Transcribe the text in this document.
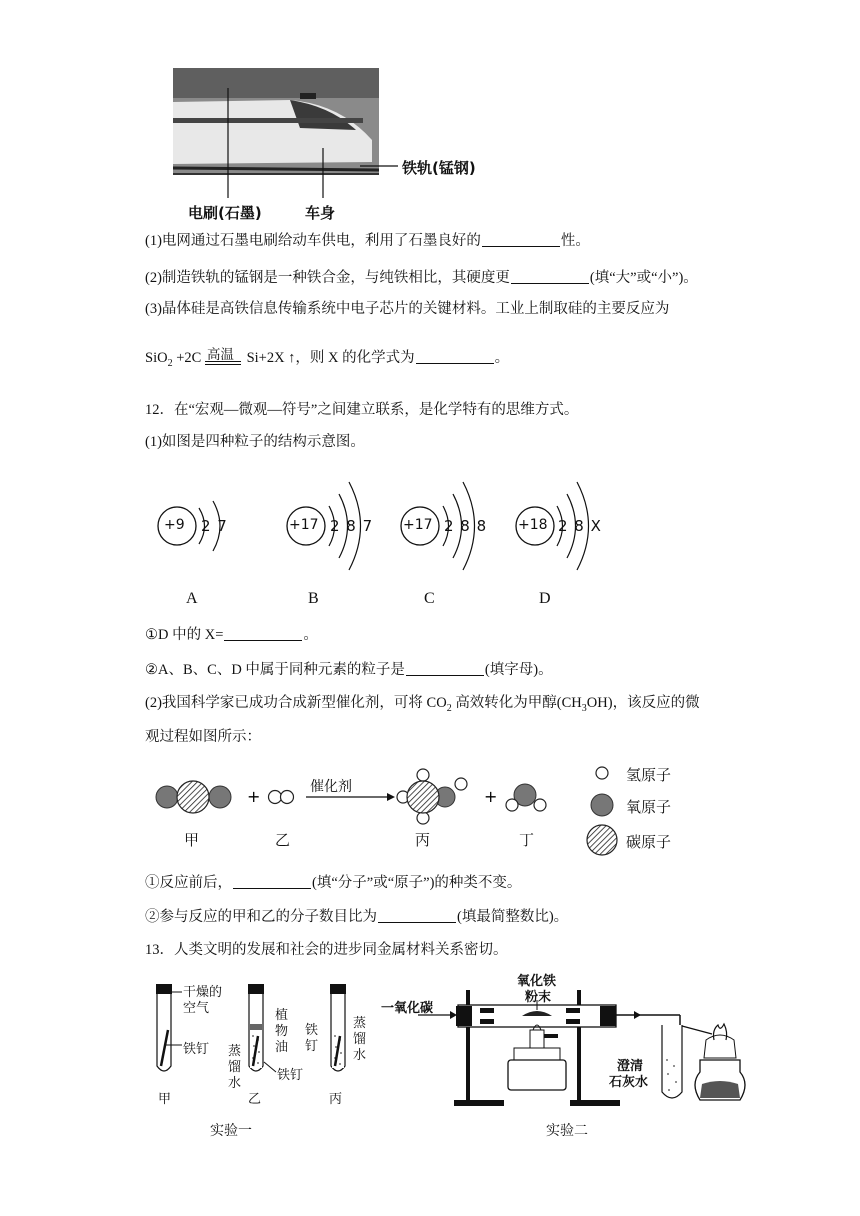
铁轨(锰钢)
电刷(石墨)	车身
(1)电网通过石墨电刷给动车供电，利用了石墨良好的	性。
(2)制造铁轨的锰钢是一种铁合金，与纯铁相比，其硬度更	(填“大”或“小”)。
(3)晶体硅是高铁信息传输系统中电子芯片的关键材料。工业上制取硅的主要反应为
SiO$_2$ +2C 高温 Si+2X ↑，则 X 的化学式为	。
12．在“宏观—微观—符号”之间建立联系，是化学特有的思维方式。
(1)如图是四种粒子的结构示意图。
+9 2 7	+17 2 8 7 +17 2 8 8 +18 2 8 X
A	B	C	D
①D 中的 X=	。
②A、B、C、D 中属于同种元素的粒子是	(填字母)。
(2)我国科学家已成功合成新型催化剂，可将 $CO_2$ 高效转化为甲醇$(CH_3OH)$，该反应的微
观过程如图所示：
+	+
催化剂
甲	乙	丙	丁
氢原子
氧原子
碳原子
①反应前后，	(填“分子”或“原子”)的种类不变。
②参与反应的甲和乙的分子数目比为	(填最简整数比)。
13．人类文明的发展和社会的进步同金属材料关系密切。
干燥的
空气
铁钉
植
物
油
蒸
馏
水
铁钉
铁
钉
蒸
馏
水
甲	乙	丙
实验一
一氧化碳
氧化铁
粉末
澄清
石灰水
实验二
